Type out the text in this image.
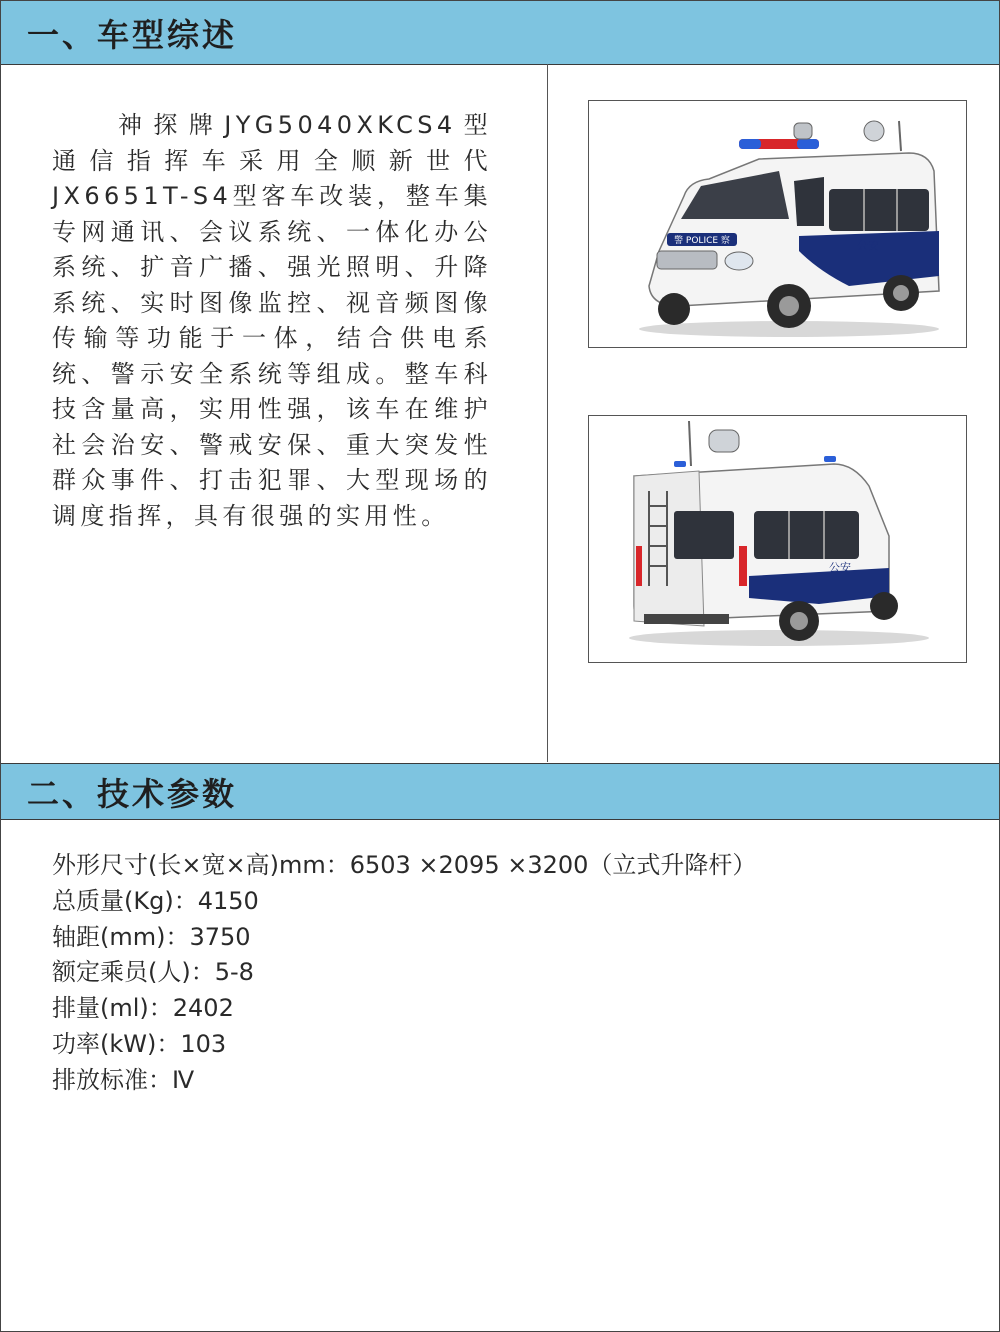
一、车型综述
神探牌JYG5040XKCS4型通信指挥车采用全顺新世代JX6651T-S4型客车改装，整车集专网通讯、会议系统、一体化办公系统、扩音广播、强光照明、升降系统、实时图像监控、视音频图像传输等功能于一体，结合供电系统、警示安全系统等组成。整车科技含量高，实用性强，该车在维护社会治安、警戒安保、重大突发性群众事件、打击犯罪、大型现场的调度指挥，具有很强的实用性。
警 POLICE 察	公安
公安
二、技术参数
外形尺寸(长×宽×高)mm：6503 ×2095 ×3200（立式升降杆）
总质量(Kg)：4150
轴距(mm)：3750
额定乘员(人)：5-8
排量(ml)：2402
功率(kW)：103
排放标准：Ⅳ
